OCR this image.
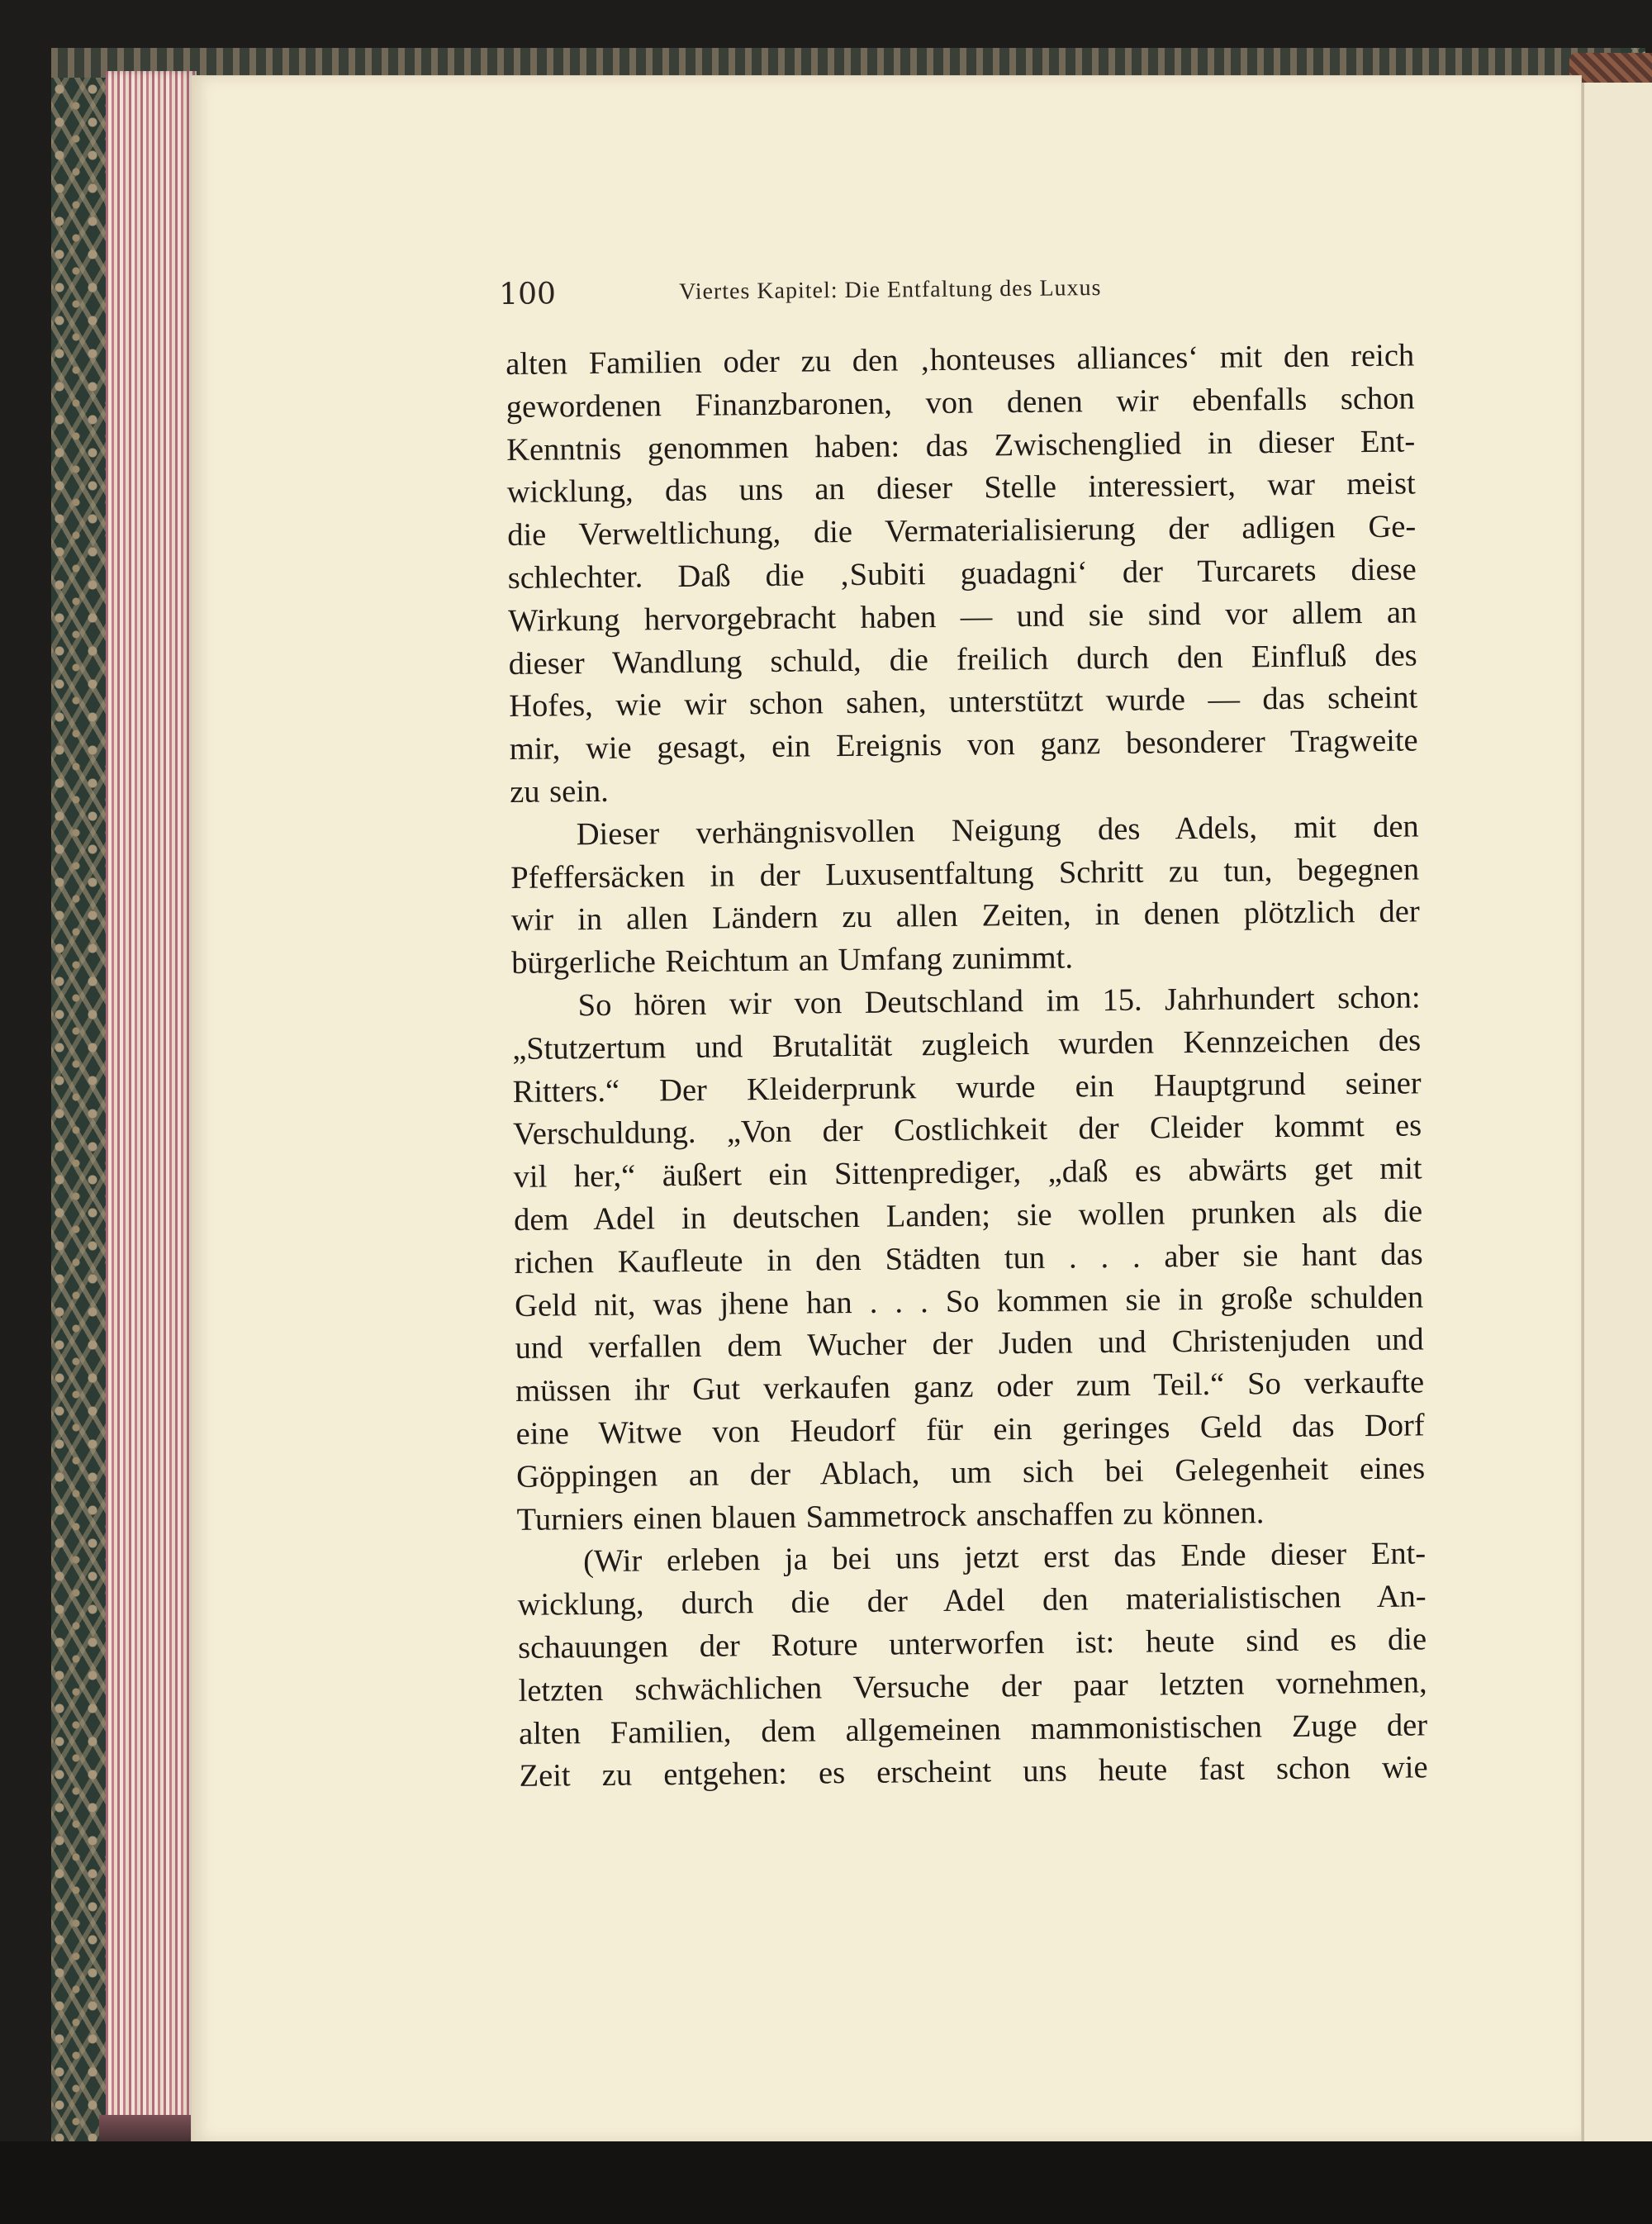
100	Viertes Kapitel: Die Entfaltung des Luxus
alten Familien oder zu den ‚honteuses alliances‘ mit den reich
gewordenen Finanzbaronen, von denen wir ebenfalls schon
Kenntnis genommen haben: das Zwischenglied in dieser Ent-
wicklung, das uns an dieser Stelle interessiert, war meist
die Verweltlichung, die Vermaterialisierung der adligen Ge-
schlechter. Daß die ‚Subiti guadagni‘ der Turcarets diese
Wirkung hervorgebracht haben — und sie sind vor allem an
dieser Wandlung schuld, die freilich durch den Einfluß des
Hofes, wie wir schon sahen, unterstützt wurde — das scheint
mir, wie gesagt, ein Ereignis von ganz besonderer Tragweite
zu sein.
Dieser verhängnisvollen Neigung des Adels, mit den
Pfeffersäcken in der Luxusentfaltung Schritt zu tun, begegnen
wir in allen Ländern zu allen Zeiten, in denen plötzlich der
bürgerliche Reichtum an Umfang zunimmt.
So hören wir von Deutschland im 15. Jahrhundert schon:
„Stutzertum und Brutalität zugleich wurden Kennzeichen des
Ritters.“ Der Kleiderprunk wurde ein Hauptgrund seiner
Verschuldung. „Von der Costlichkeit der Cleider kommt es
vil her,“ äußert ein Sittenprediger, „daß es abwärts get mit
dem Adel in deutschen Landen; sie wollen prunken als die
richen Kaufleute in den Städten tun . . . aber sie hant das
Geld nit, was jhene han . . . So kommen sie in große schulden
und verfallen dem Wucher der Juden und Christenjuden und
müssen ihr Gut verkaufen ganz oder zum Teil.“ So verkaufte
eine Witwe von Heudorf für ein geringes Geld das Dorf
Göppingen an der Ablach, um sich bei Gelegenheit eines
Turniers einen blauen Sammetrock anschaffen zu können.
(Wir erleben ja bei uns jetzt erst das Ende dieser Ent-
wicklung, durch die der Adel den materialistischen An-
schauungen der Roture unterworfen ist: heute sind es die
letzten schwächlichen Versuche der paar letzten vornehmen,
alten Familien, dem allgemeinen mammonistischen Zuge der
Zeit zu entgehen: es erscheint uns heute fast schon wie
